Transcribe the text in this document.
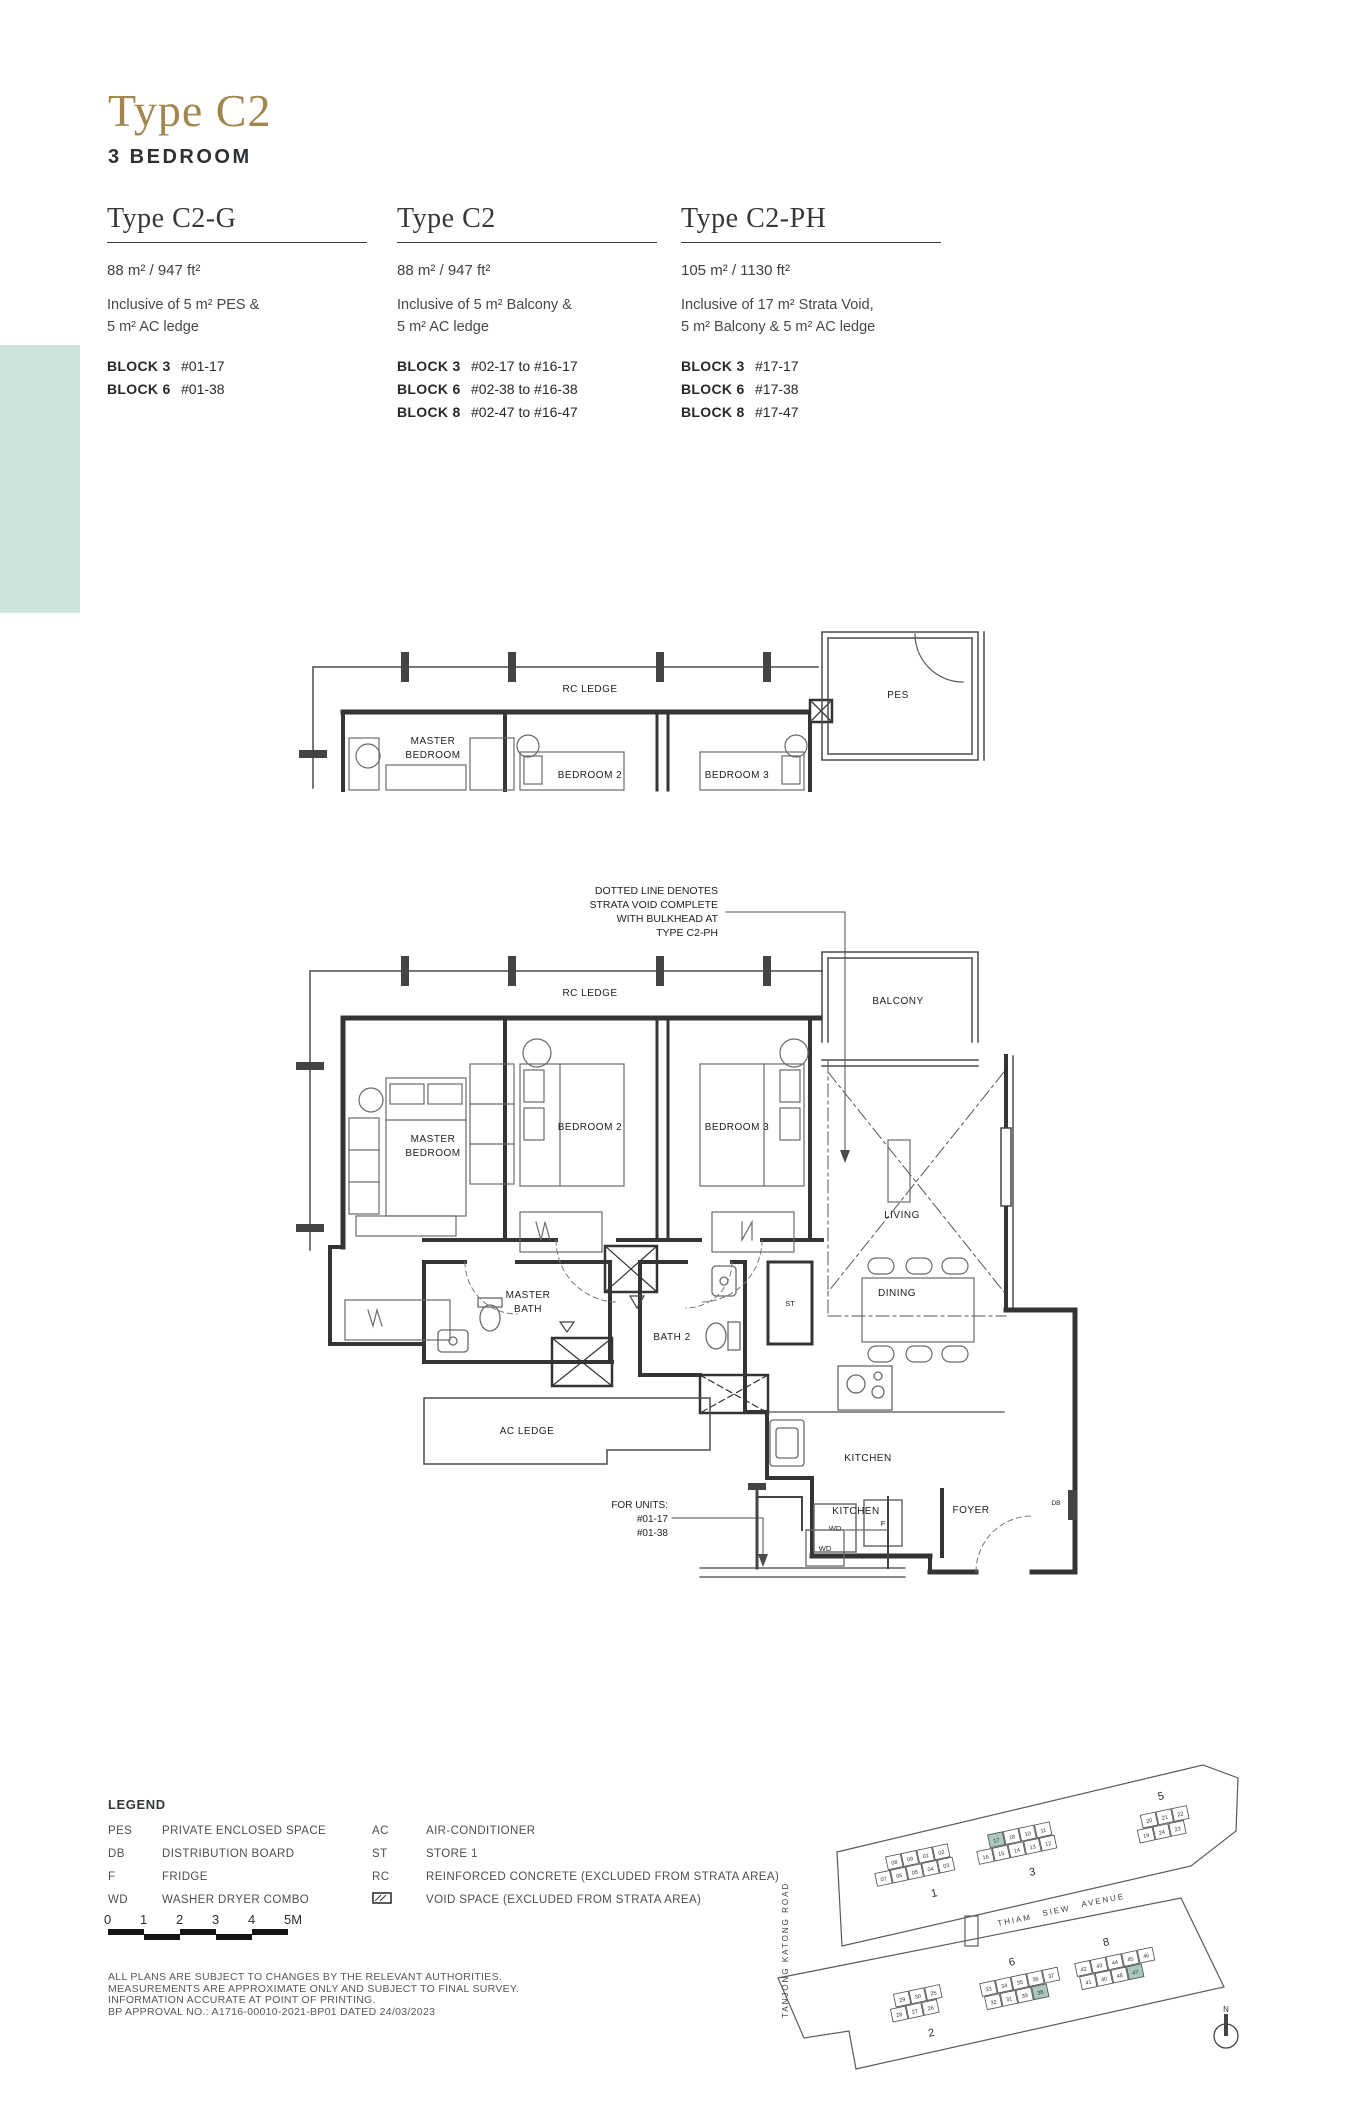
Type C2
3 BEDROOM
Type C2-G
88 m² / 947 ft²
Inclusive of 5 m² PES &
5 m² AC ledge
BLOCK 3 #01-17
BLOCK 6 #01-38
Type C2
88 m² / 947 ft²
Inclusive of 5 m² Balcony &
5 m² AC ledge
BLOCK 3 #02-17 to #16-17
BLOCK 6 #02-38 to #16-38
BLOCK 8 #02-47 to #16-47
Type C2-PH
105 m² / 1130 ft²
Inclusive of 17 m² Strata Void,
5 m² Balcony & 5 m² AC ledge
BLOCK 3 #17-17
BLOCK 6 #17-38
BLOCK 8 #17-47
RC LEDGE
PES
MASTER
BEDROOM
BEDROOM 2	BEDROOM 3
DOTTED LINE DENOTES
STRATA VOID COMPLETE
WITH BULKHEAD AT
TYPE C2-PH
RC LEDGE
BALCONY
MASTER
BEDROOM
BEDROOM 2	BEDROOM 3
LIVING
DINING
MASTER
BATH
BATH 2
ST
AC LEDGE
KITCHEN
FOYER
WD
F
DB
FOR UNITS:
#01-17
#01-38
WD
KITCHEN
LEGEND
PES	PRIVATE ENCLOSED SPACE
DB	DISTRIBUTION BOARD
F	FRIDGE
WD	WASHER DRYER COMBO
AC	AIR-CONDITIONER
ST	STORE 1
RC	REINFORCED CONCRETE (EXCLUDED FROM STRATA AREA)
VOID SPACE (EXCLUDED FROM STRATA AREA)
0 1 2 3 4 5M
ALL PLANS ARE SUBJECT TO CHANGES BY THE RELEVANT AUTHORITIES.
MEASUREMENTS ARE APPROXIMATE ONLY AND SUBJECT TO FINAL SURVEY.
INFORMATION ACCURATE AT POINT OF PRINTING.
BP APPROVAL NO.: A1716-00010-2021-BP01 DATED 24/03/2023	TANJONG KATONG ROAD	THIAM
SIEW
AVENUE
08 09 01 02
07 06 05 04 03
1
17 18 10 11
16 15 14 13 12
3
20 21 22
19 24 23
5
29 30 25
28 27 26
2
33 34 35 36 37
32 31 39 38
6
42 43 44 45 46
41 40 48 47
8
N
